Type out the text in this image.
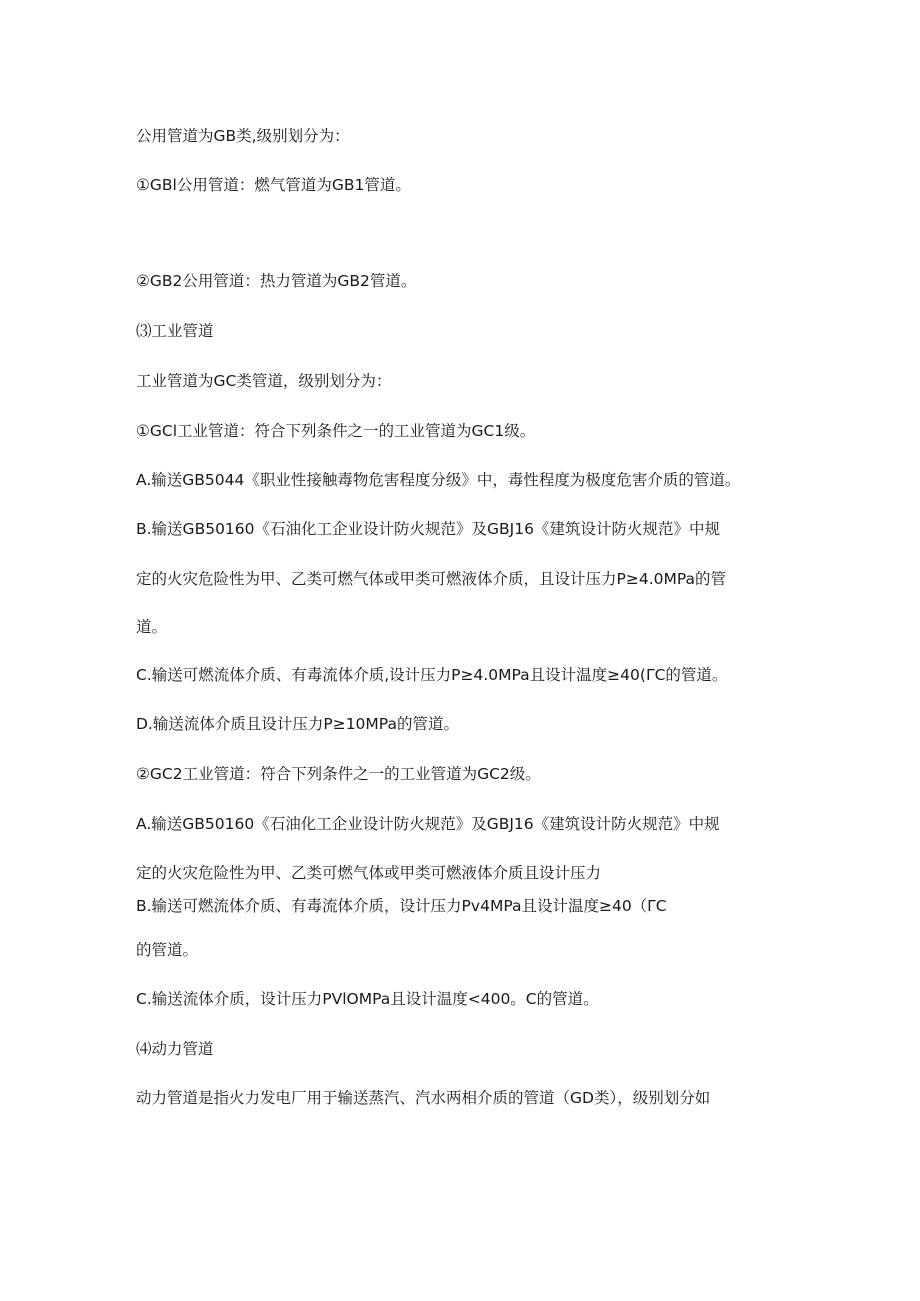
公用管道为GB类,级别划分为：
①GBl公用管道：燃气管道为GB1管道。
②GB2公用管道：热力管道为GB2管道。
⑶工业管道
工业管道为GC类管道，级别划分为：
①GCl工业管道：符合下列条件之一的工业管道为GC1级。
A.输送GB5044《职业性接触毒物危害程度分级》中，毒性程度为极度危害介质的管道。
B.输送GB50160《石油化工企业设计防火规范》及GBJ16《建筑设计防火规范》中规
定的火灾危险性为甲、乙类可燃气体或甲类可燃液体介质，且设计压力P≥4.0MPa的管
道。
C.输送可燃流体介质、有毒流体介质,设计压力P≥4.0MPa且设计温度≥40(ΓC的管道。
D.输送流体介质且设计压力P≥10MPa的管道。
②GC2工业管道：符合下列条件之一的工业管道为GC2级。
A.输送GB50160《石油化工企业设计防火规范》及GBJ16《建筑设计防火规范》中规
定的火灾危险性为甲、乙类可燃气体或甲类可燃液体介质且设计压力
B.输送可燃流体介质、有毒流体介质，设计压力Pv4MPa且设计温度≥40（ΓC
的管道。
C.输送流体介质，设计压力PVlOMPa且设计温度<400。C的管道。
⑷动力管道
动力管道是指火力发电厂用于输送蒸汽、汽水两相介质的管道（GD类），级别划分如
